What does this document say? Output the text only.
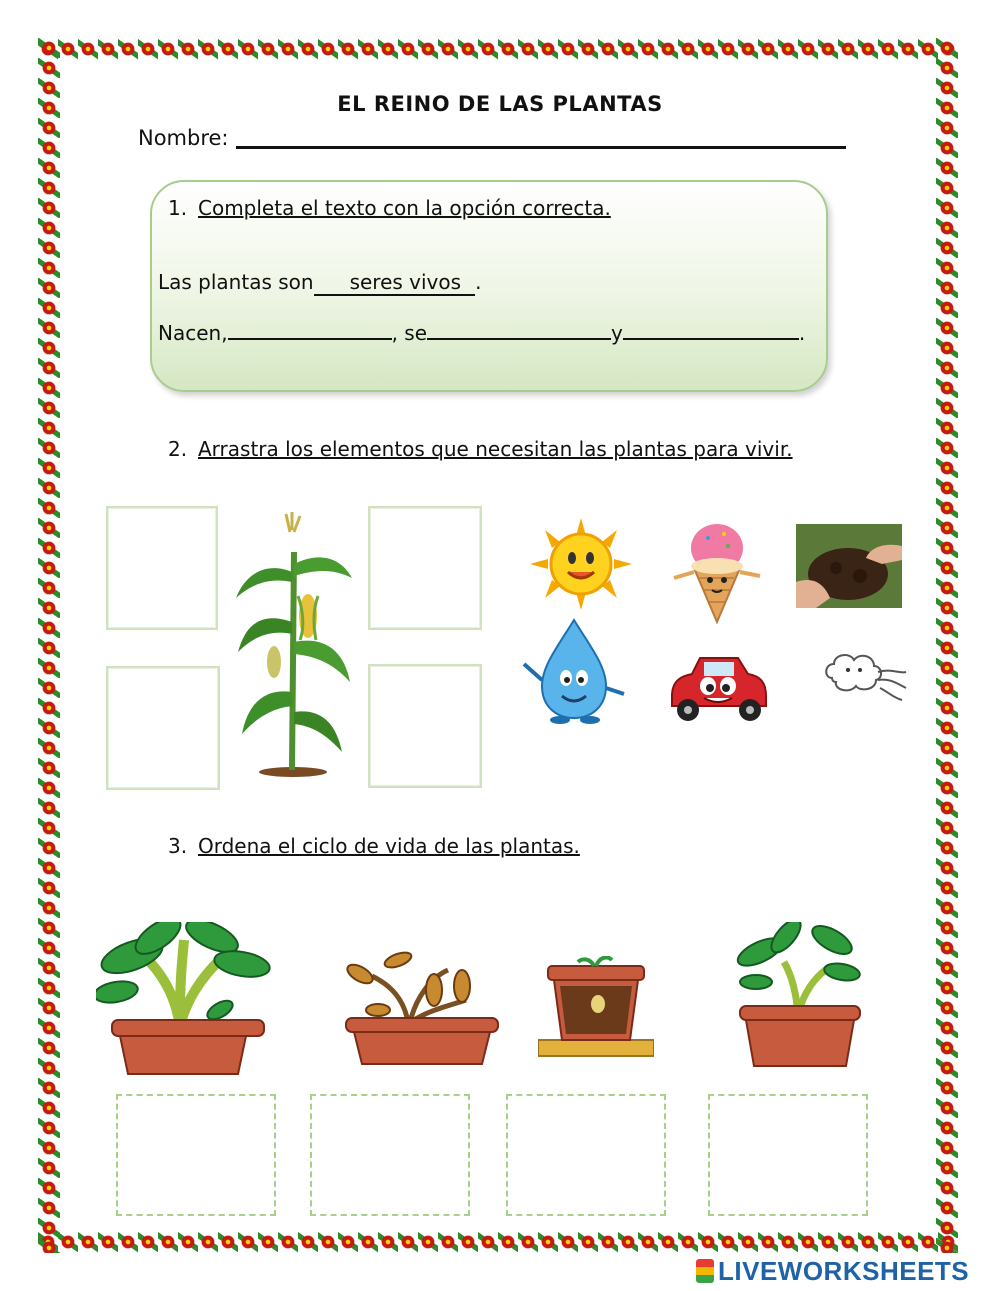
EL REINO DE LAS PLANTAS
Nombre:
1. Completa el texto con la opción correcta.
Las plantas son seres vivos .
Nacen,	, se	y	.
2. Arrastra los elementos que necesitan las plantas para vivir.
3. Ordena el ciclo de vida de las plantas.
LIVEWORKSHEETS
